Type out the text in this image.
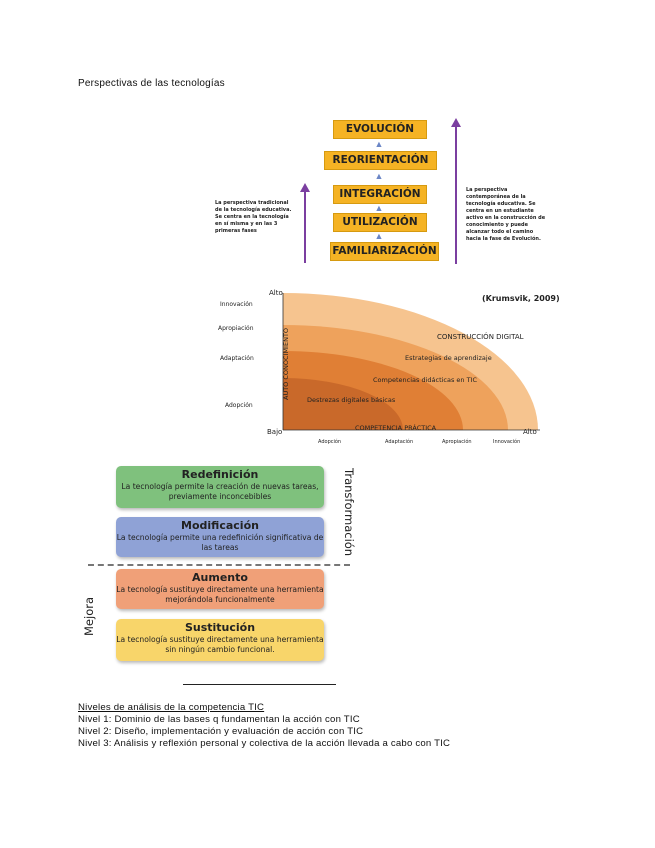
Perspectivas de las tecnologías
EVOLUCIÓN
▲
REORIENTACIÓN
▲
INTEGRACIÓN
▲
UTILIZACIÓN
▲
FAMILIARIZACIÓN
La perspectiva tradicional de la tecnología educativa. Se centra en la tecnología en sí misma y en las 3 primeras fases
La perspectiva contemporánea de la tecnología educativa. Se centra en un estudiante activo en la construcción de conocimiento y puede alcanzar todo el camino hacia la fase de Evolución.
(Krumsvik, 2009)
Alto
Bajo	Alto
Innovación
Apropiación
Adaptación
Adopción
AUTO CONOCIMIENTO
COMPETENCIA PRÁCTICA
Adopción	Adaptación	Apropiación	Innovación
CONSTRUCCIÓN DIGITAL
Estrategias de aprendizaje
Competencias didácticas en TIC
Destrezas digitales básicas
Redefinición
La tecnología permite la creación de nuevas tareas, previamente inconcebibles
Modificación
La tecnología permite una redefinición significativa de las tareas
Aumento
La tecnología sustituye directamente una herramienta mejorándola funcionalmente
Sustitución
La tecnología sustituye directamente una herramienta sin ningún cambio funcional.
Transformación
Mejora
Niveles de análisis de la competencia TIC
Nivel 1: Dominio de las bases q fundamentan la acción con TIC
Nivel 2: Diseño, implementación y evaluación de acción con TIC
Nivel 3: Análisis y reflexión personal y colectiva de la acción llevada a cabo con TIC
